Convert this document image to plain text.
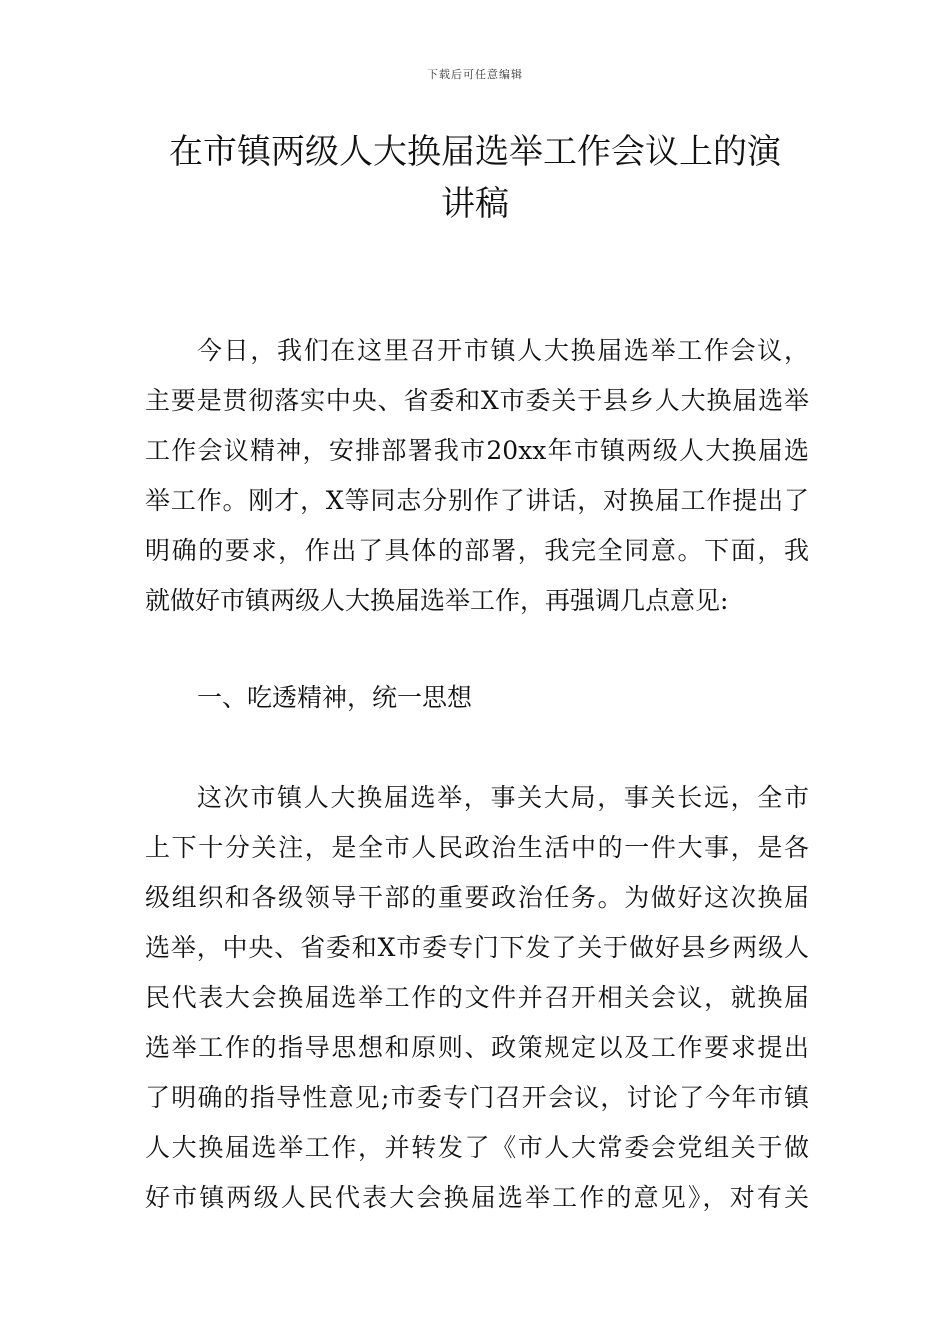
下载后可任意编辑
在市镇两级人大换届选举工作会议上的演
讲稿
今日，我们在这里召开市镇人大换届选举工作会议，
主要是贯彻落实中央、省委和X市委关于县乡人大换届选举
工作会议精神，安排部署我市20xx年市镇两级人大换届选
举工作。刚才，X等同志分别作了讲话，对换届工作提出了
明确的要求，作出了具体的部署，我完全同意。下面，我
就做好市镇两级人大换届选举工作，再强调几点意见:
一、吃透精神，统一思想
这次市镇人大换届选举，事关大局，事关长远，全市
上下十分关注，是全市人民政治生活中的一件大事，是各
级组织和各级领导干部的重要政治任务。为做好这次换届
选举，中央、省委和X市委专门下发了关于做好县乡两级人
民代表大会换届选举工作的文件并召开相关会议，就换届
选举工作的指导思想和原则、政策规定以及工作要求提出
了明确的指导性意见;市委专门召开会议，讨论了今年市镇
人大换届选举工作，并转发了《市人大常委会党组关于做
好市镇两级人民代表大会换届选举工作的意见》，对有关
